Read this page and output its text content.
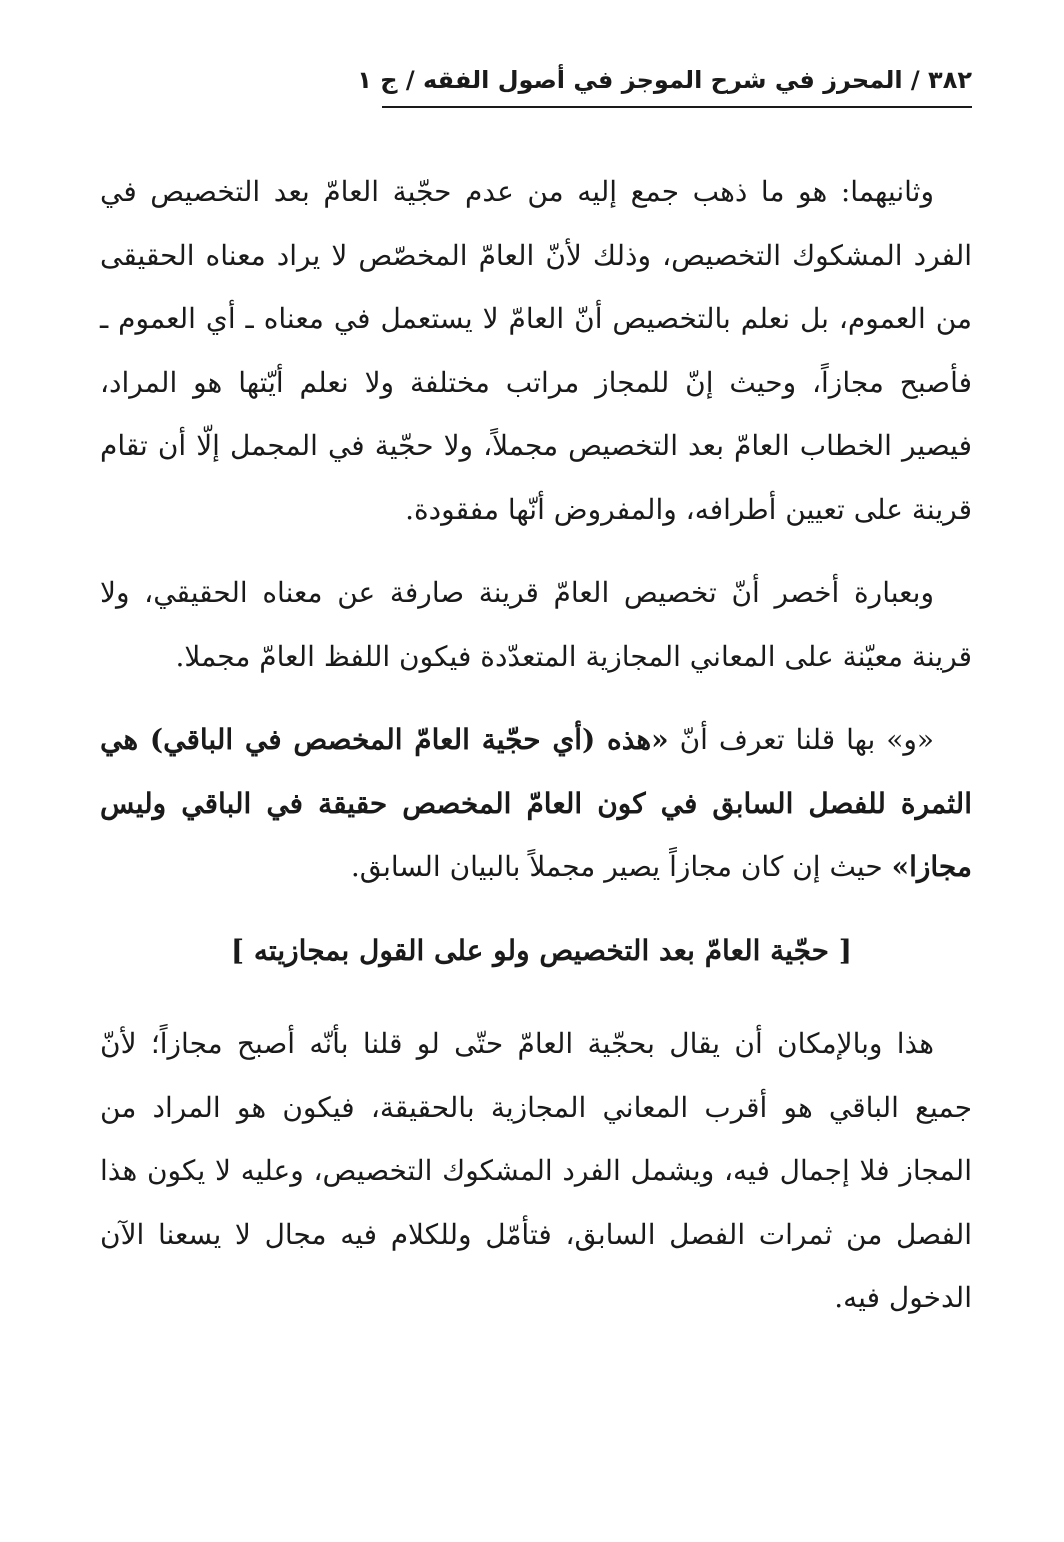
٣٨٢ / المحرز في شرح الموجز في أصول الفقه / ج ١

وثانيهما: هو ما ذهب جمع إليه من عدم حجّية العامّ بعد التخصيص في الفرد المشكوك التخصيص، وذلك لأنّ العامّ المخصّص لا يراد معناه الحقيقى من العموم، بل نعلم بالتخصيص أنّ العامّ لا يستعمل في معناه ـ أي العموم ـ فأصبح مجازاً، وحيث إنّ للمجاز مراتب مختلفة ولا نعلم أيّتها هو المراد، فيصير الخطاب العامّ بعد التخصيص مجملاً، ولا حجّية في المجمل إلّا أن تقام قرينة على تعيين أطرافه، والمفروض أنّها مفقودة.

وبعبارة أخصر أنّ تخصيص العامّ قرينة صارفة عن معناه الحقيقي، ولا قرينة معيّنة على المعاني المجازية المتعدّدة فيكون اللفظ العامّ مجملا.

«و» بها قلنا تعرف أنّ «هذه (أي حجّية العامّ المخصص في الباقي) هي الثمرة للفصل السابق في كون العامّ المخصص حقيقة في الباقي وليس مجازا» حيث إن كان مجازاً يصير مجملاً بالبيان السابق.

[ حجّية العامّ بعد التخصيص ولو على القول بمجازيته ]

هذا وبالإمكان أن يقال بحجّية العامّ حتّى لو قلنا بأنّه أصبح مجازاً؛ لأنّ جميع الباقي هو أقرب المعاني المجازية بالحقيقة، فيكون هو المراد من المجاز فلا إجمال فيه، ويشمل الفرد المشكوك التخصيص، وعليه لا يكون هذا الفصل من ثمرات الفصل السابق، فتأمّل وللكلام فيه مجال لا يسعنا الآن الدخول فيه.
